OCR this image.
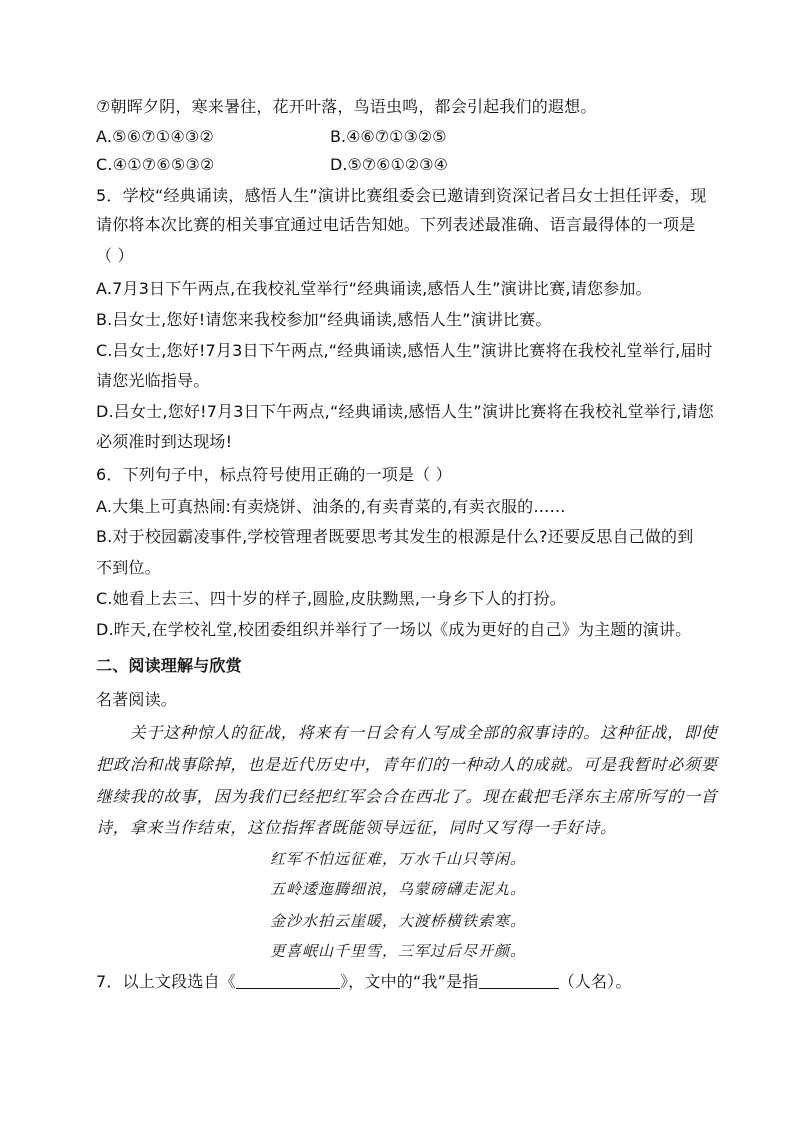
⑦朝晖夕阴，寒来暑往，花开叶落，鸟语虫鸣，都会引起我们的遐想。
A.⑤⑥⑦①④③②	B.④⑥⑦①③②⑤
C.④①⑦⑥⑤③②	D.⑤⑦⑥①②③④
5．学校“经典诵读，感悟人生”演讲比赛组委会已邀请到资深记者吕女士担任评委，现
请你将本次比赛的相关事宜通过电话告知她。下列表述最准确、语言最得体的一项是
（ ）
A.7月3日下午两点,在我校礼堂举行“经典诵读,感悟人生”演讲比赛,请您参加。
B.吕女士,您好!请您来我校参加“经典诵读,感悟人生”演讲比赛。
C.吕女士,您好!7月3日下午两点,“经典诵读,感悟人生”演讲比赛将在我校礼堂举行,届时
请您光临指导。
D.吕女士,您好!7月3日下午两点,“经典诵读,感悟人生”演讲比赛将在我校礼堂举行,请您
必须准时到达现场!
6．下列句子中，标点符号使用正确的一项是（ ）
A.大集上可真热闹:有卖烧饼、油条的,有卖青菜的,有卖衣服的……
B.对于校园霸凌事件,学校管理者既要思考其发生的根源是什么?还要反思自己做的到
不到位。
C.她看上去三、四十岁的样子,圆脸,皮肤黝黑,一身乡下人的打扮。
D.昨天,在学校礼堂,校团委组织并举行了一场以《成为更好的自己》为主题的演讲。
二、阅读理解与欣赏
名著阅读。
　　关于这种惊人的征战，将来有一日会有人写成全部的叙事诗的。这种征战，即使
把政治和战事除掉，也是近代历史中，青年们的一种动人的成就。可是我暂时必须要
继续我的故事，因为我们已经把红军会合在西北了。现在截把毛泽东主席所写的一首
诗，拿来当作结束，这位指挥者既能领导远征，同时又写得一手好诗。
红军不怕远征难，万水千山只等闲。
五岭逶迤腾细浪，乌蒙磅礴走泥丸。
金沙水拍云崖暖，大渡桥横铁索寒。
更喜岷山千里雪，三军过后尽开颜。
7．以上文段选自《	》，文中的“我”是指	（人名）。
